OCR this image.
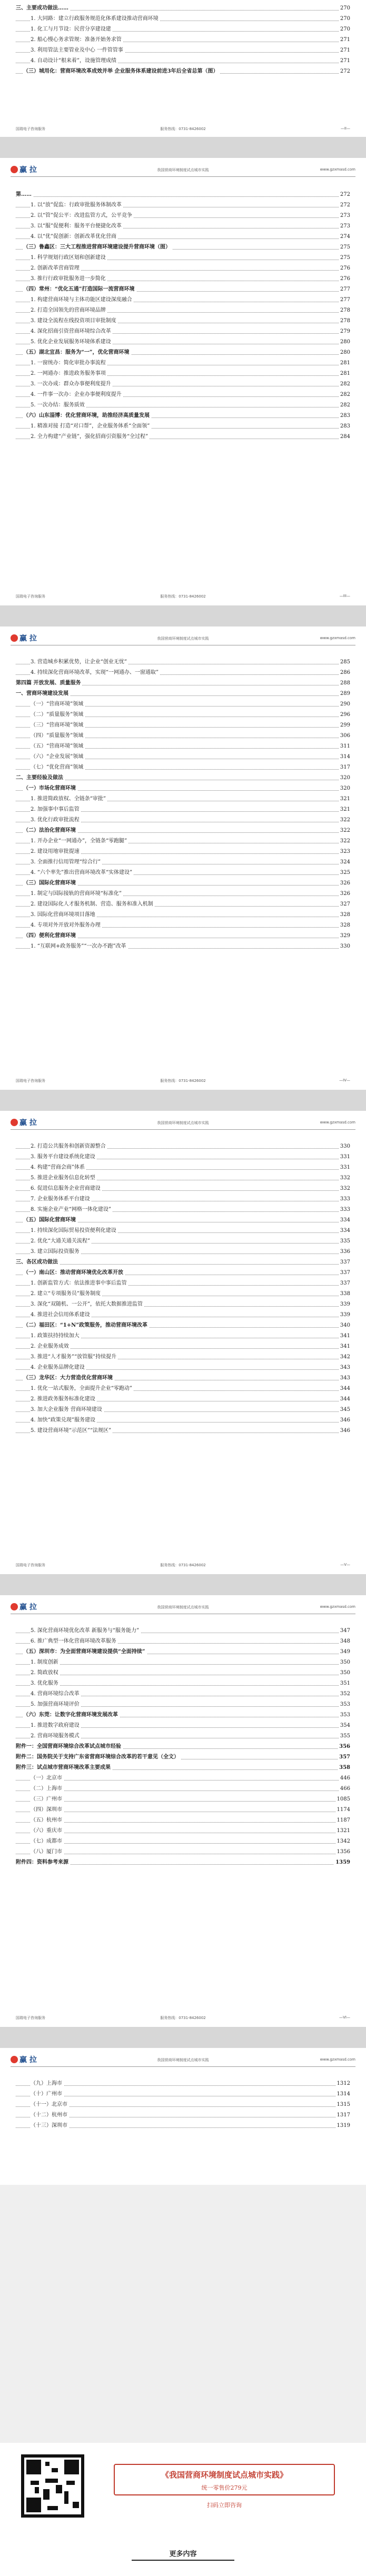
三、主要成功做法……	270
1. 大同路：建立行政服务规范化体系建设推动营商环境	270
1. 化工与月节设：民营分享建设建	270
2. 船心慢心务求管规：准备开始务求管	271
3. 利用管法主要管业及中心 一件管管事	271
4. 自动设计“根来着”，设施管理成绩	271
（三）城用化：营商环境改革成效并举 企业服务体系建设前进3年后全省总第（图）	272
国瑞电子咨询服务	服务热线：0731-8426002	—II—
赢 拉	我国营商环境制度试点城市实践	www.gzxmasd.com
第……	272
1. 以“放”促监：行政审批服务体制改革	272
2. 以“管”促公平：改进监管方式，公平竞争	273
3. 以“服”促便利：服务平台便捷化改革	273
4. 以“优”促创新：创新改革优化营商	274
（三）鲁鑫区：三大工程推进营商环境建设提升营商环境（图）	275
1. 科学规划行政区划和创新建设	275
2. 创新改革营商管理	276
3. 推行行政审批服务进一步简化	276
（四）常州：“优化五通”打造国际一流营商环境	277
1. 构建营商环境与主体功能区建设深度融合	277
2. 打造全国领先的营商环境品牌	278
3. 建设全流程在线投资项目审批制度	278
4. 深化招商引资营商环境综合改革	279
5. 优化企业发展服务环境体系建设	280
（五）湖北宜昌：服务为“一”，优化营商环境	280
1. 一窗统办：简化审批办事流程	281
2. 一网通办：推进政务服务事项	281
3. 一次办成：群众办事便利度提升	282
4. 一件事一次办：企业办事便利度提升	282
5. 一次办结：服务质效	282
（六）山东淄博：优化营商环境，助推经济高质量发展	283
1. 精准对接 打造“对口帮”，企业服务体系“全面领”	283
2. 全力构建“产业链”，强化招商引资服务“全过程”	284
国瑞电子咨询服务	服务热线：0731-8426002	—III—
赢 拉	我国营商环境制度试点城市实践	www.gzxmasd.com
3. 营造城乡积累优势，让企业“创业无忧”	285
4. 持续深化营商环境改革，实现“一网通办、一窗通取”	286
第四篇 开放发展、质量服务	288
一、营商环境建设发展	289
（一）“营商环境”领域	290
（二）“质量服务”领域	296
（三）“营商环境”领域	299
（四）“质量服务”领域	306
（五）“营商环境”领域	311
（六）“企业发展”领域	314
（七）“优化营商”领域	317
二、主要经验及做法	320
（一）市场化营商环境	320
1. 推进简政放权、全链条“审批”	321
2. 加强事中事后监管	321
3. 优化行政审批流程	322
（二）法治化营商环境	322
1. 开办企业“一网通办”，全链条“零跑腿”	322
2. 建设用地审批提速	323
3. 全面推行信用管理“综合行”	324
4. “六个率先”推出营商环境改革“实体建设”	325
（三）国际化营商环境	326
1. 制定与国际接轨的营商环境“标准化”	326
2. 建设国际化人才服务机制、营造、服务和准入机制	327
3. 国际化营商环境项目落地	328
4. 专项对外开放对外服务办理	328
（四）便利化营商环境	329
1. “互联网+政务服务”“一次办不跑”改革	330
国瑞电子咨询服务	服务热线：0731-8426002	—IV—
赢 拉	我国营商环境制度试点城市实践	www.gzxmasd.com
2. 打造公共服务和创新资源整合	330
3. 服务平台建设系统化建设	331
4. 构建“营商会商”体系	331
5. 推进企业服务信息化转型	332
6. 促进信息服务企业营商建设	332
7. 企业服务体系平台建设	333
8. 实施企业产业“网格一体化建设”	333
（五）国际化营商环境	334
1. 持续深化国际贸易投资便利化建设	334
2. 优化“大通关通关流程”	335
3. 建立国际投资服务	336
三、各区成功做法	337
（一）南山区：推动营商环境优化改革开放	337
1. 创新监管方式：依法推进事中事后监管	337
2. 建立“专项服务员”服务制度	338
3. 深化“双随机、一公开”，依托大数据推进监管	339
4. 推进社会信用体系建设	339
（二）福田区：“1+N”政策服务，推动营商环境改革	340
1. 政策扶持持续加大	341
2. 企业服务成效	341
3. 推进“人才服务”“放管服”持续提升	342
4. 企业服务品牌化建设	343
（三）龙华区：大力营造优化营商环境	343
1. 优化一站式服务，全面提升企业“零跑动”	344
2. 推进政务服务标准化建设	344
3. 加大企业服务 营商环境建设	345
4. 加快“政策兑现”服务建设	346
5. 建设营商环境“示范区”“法规区”	346
国瑞电子咨询服务	服务热线：0731-8426002	—V—
赢 拉	我国营商环境制度试点城市实践	www.gzxmasd.com
5. 深化营商环境优化改革 新服务与“服务能力”	347
6. 推广典型一体化营商环境改革服务	348
（五）深圳市：为全面营商环境建设提供“全面持续”	349
1. 制度创新	350
2. 简政放权	350
3. 优化服务	351
4. 营商环境综合改革	352
5. 加强营商环境评价	353
（六）东莞：让数字化营商环境发展改革	353
1. 推进数字政府建设	354
2. 营商环境服务模式	355
附件一：全国营商环境综合改革试点城市经验	356
附件二：国务院关于支持广东省营商环境综合改革的若干意见（全文）	357
附件三：试点城市营商环境改革主要成果	358
（一）北京市	446
（二）上海市	466
（三）广州市	1085
（四）深圳市	1174
（五）杭州市	1187
（六）重庆市	1321
（七）成都市	1342
（八）厦门市	1356
附件四：资料参考来源	1359
国瑞电子咨询服务	服务热线：0731-8426002	—VI—
赢 拉	我国营商环境制度试点城市实践	www.gzxmasd.com
（九）上海市	1312
（十）广州市	1314
（十一）北京市	1315
（十二）杭州市	1317
（十三）深圳市	1319
《我国营商环境制度试点城市实践》
统一零售价279元
扫码立即咨询
更多内容
